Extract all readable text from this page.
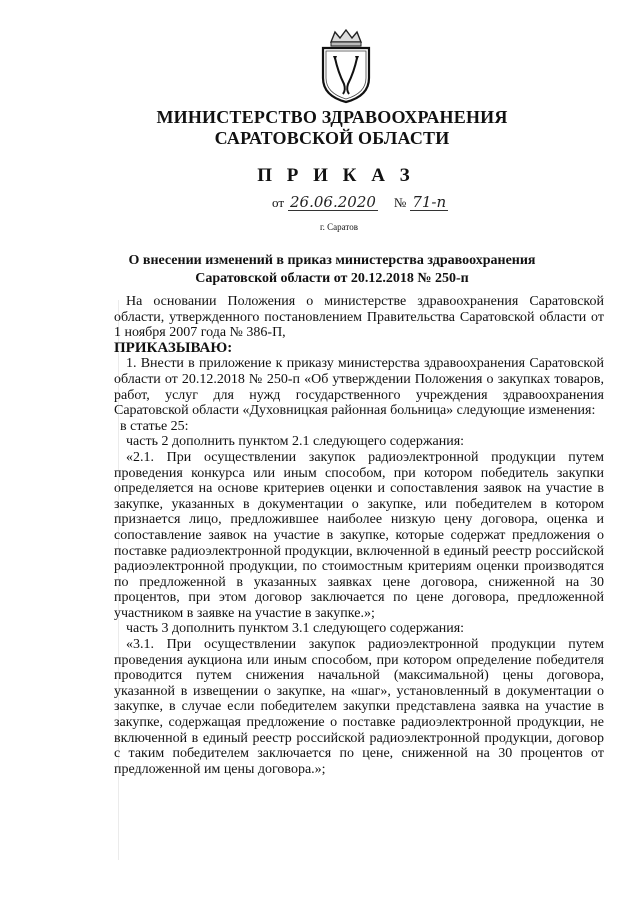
МИНИСТЕРСТВО ЗДРАВООХРАНЕНИЯ
САРАТОВСКОЙ ОБЛАСТИ
П Р И К А З
от 26.06.2020 № 71-п
г. Саратов
О внесении изменений в приказ министерства здравоохранения
Саратовской области от 20.12.2018 № 250-п

На основании Положения о министерстве здравоохранения Саратовской области, утвержденного постановлением Правительства Саратовской области от 1 ноября 2007 года № 386-П,

ПРИКАЗЫВАЮ:

1. Внести в приложение к приказу министерства здравоохранения Саратовской области от 20.12.2018 № 250-п «Об утверждении Положения о закупках товаров, работ, услуг для нужд государственного учреждения здравоохранения Саратовской области «Духовницкая районная больница» следующие изменения:

в статье 25:

часть 2 дополнить пунктом 2.1 следующего содержания:

«2.1. При осуществлении закупок радиоэлектронной продукции путем проведения конкурса или иным способом, при котором победитель закупки определяется на основе критериев оценки и сопоставления заявок на участие в закупке, указанных в документации о закупке, или победителем в котором признается лицо, предложившее наиболее низкую цену договора, оценка и сопоставление заявок на участие в закупке, которые содержат предложения о поставке радиоэлектронной продукции, включенной в единый реестр российской радиоэлектронной продукции, по стоимостным критериям оценки производятся по предложенной в указанных заявках цене договора, сниженной на 30 процентов, при этом договор заключается по цене договора, предложенной участником в заявке на участие в закупке.»;

часть 3 дополнить пунктом 3.1 следующего содержания:

«3.1. При осуществлении закупок радиоэлектронной продукции путем проведения аукциона или иным способом, при котором определение победителя проводится путем снижения начальной (максимальной) цены договора, указанной в извещении о закупке, на «шаг», установленный в документации о закупке, в случае если победителем закупки представлена заявка на участие в закупке, содержащая предложение о поставке радиоэлектронной продукции, не включенной в единый реестр российской радиоэлектронной продукции, договор с таким победителем заключается по цене, сниженной на 30 процентов от предложенной им цены договора.»;
